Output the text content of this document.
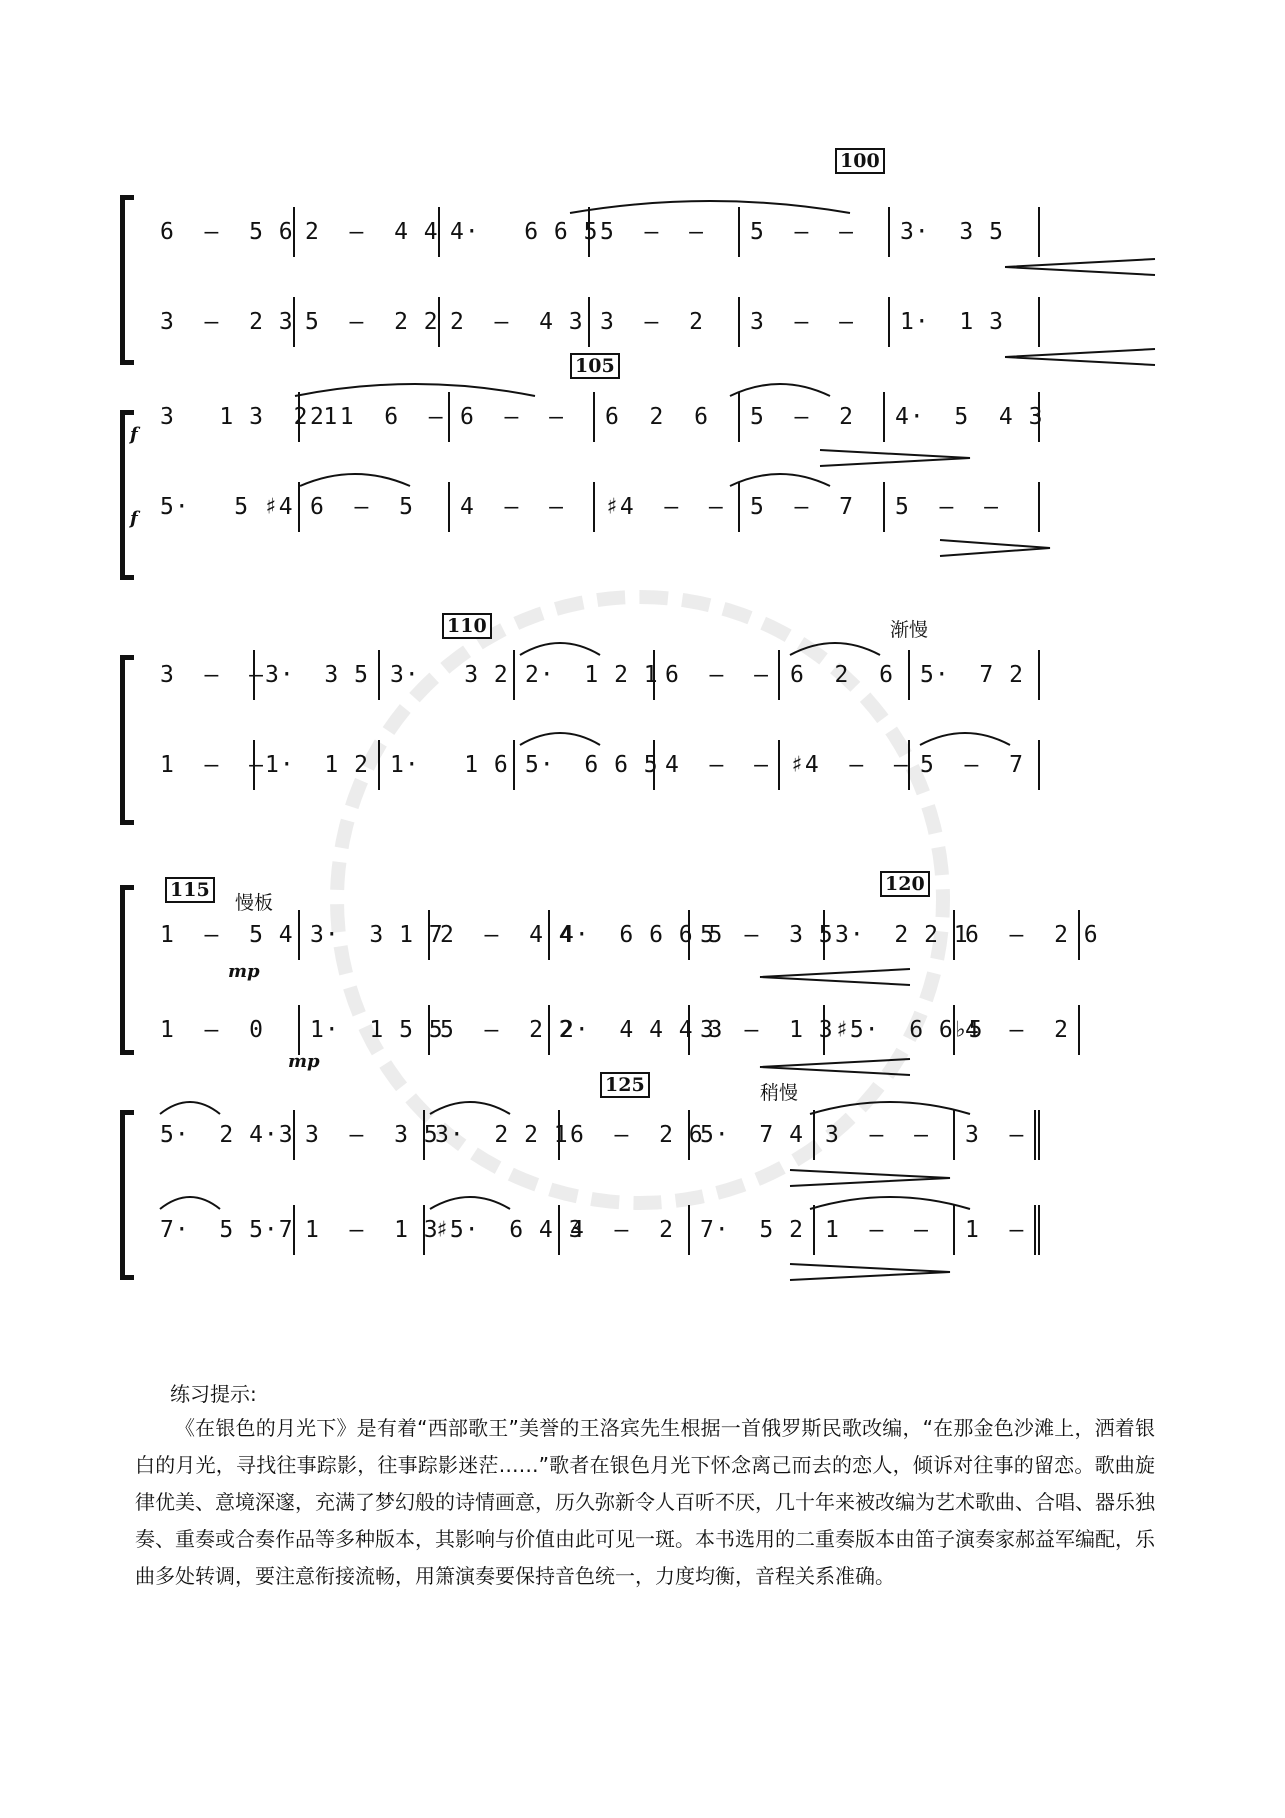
100
6  –  5 6 2  –  4 4 4·   6 6 5 5  –  – 5  –  – 3·  3 5
3  –  2 3 5  –  2 2 2  –  4 3 3  –  2 3  –  – 1·  1 3
105
f
f
3   1 3  2 1
2 1  6  – 6  –  – 6  2  6 5  –  2 4·  5  4 3
5·   5 ♯4 6  –  5 4  –  – ♯4  –  – 5  –  7 5  –  –
110	渐慢
3  –  – 3·  3 5 3·   3 2 2·  1 2 1 6  –  – 6  2  6 5·  7 2
1  –  – 1·  1 2 1·   1 6 5·  6 6 5 4  –  – ♯4  –  – 5  –  7
115	120
慢板
mp
mp
1  –  5 4 3·  3 1 7
2  –  4 4
4·  6 6 6 5
5  –  3 5 3·  2 2 1
6  –  2 6
1  –  0 1·  1 5 5
5  –  2 2
2·  4 4 4 3
3  –  1 3 ♯5·  6 6♭5
4  –  2
125	稍慢
5·  2 4·3 3  –  3 5
3·  2 2 1 6  –  2 6
5·  7 4 3  –  – 3  –
7·  5 5·7 1  –  1 3
♯5·  6 4 3
4  –  2 7·  5 2 1  –  – 1  –
练习提示:
《在银色的月光下》是有着“西部歌王”美誉的王洛宾先生根据一首俄罗斯民歌改编，“在那金色沙滩上，洒着银白的月光，寻找往事踪影，往事踪影迷茫……”歌者在银色月光下怀念离己而去的恋人，倾诉对往事的留恋。歌曲旋律优美、意境深邃，充满了梦幻般的诗情画意，历久弥新令人百听不厌，几十年来被改编为艺术歌曲、合唱、器乐独奏、重奏或合奏作品等多种版本，其影响与价值由此可见一斑。本书选用的二重奏版本由笛子演奏家郝益军编配，乐曲多处转调，要注意衔接流畅，用箫演奏要保持音色统一，力度均衡，音程关系准确。
